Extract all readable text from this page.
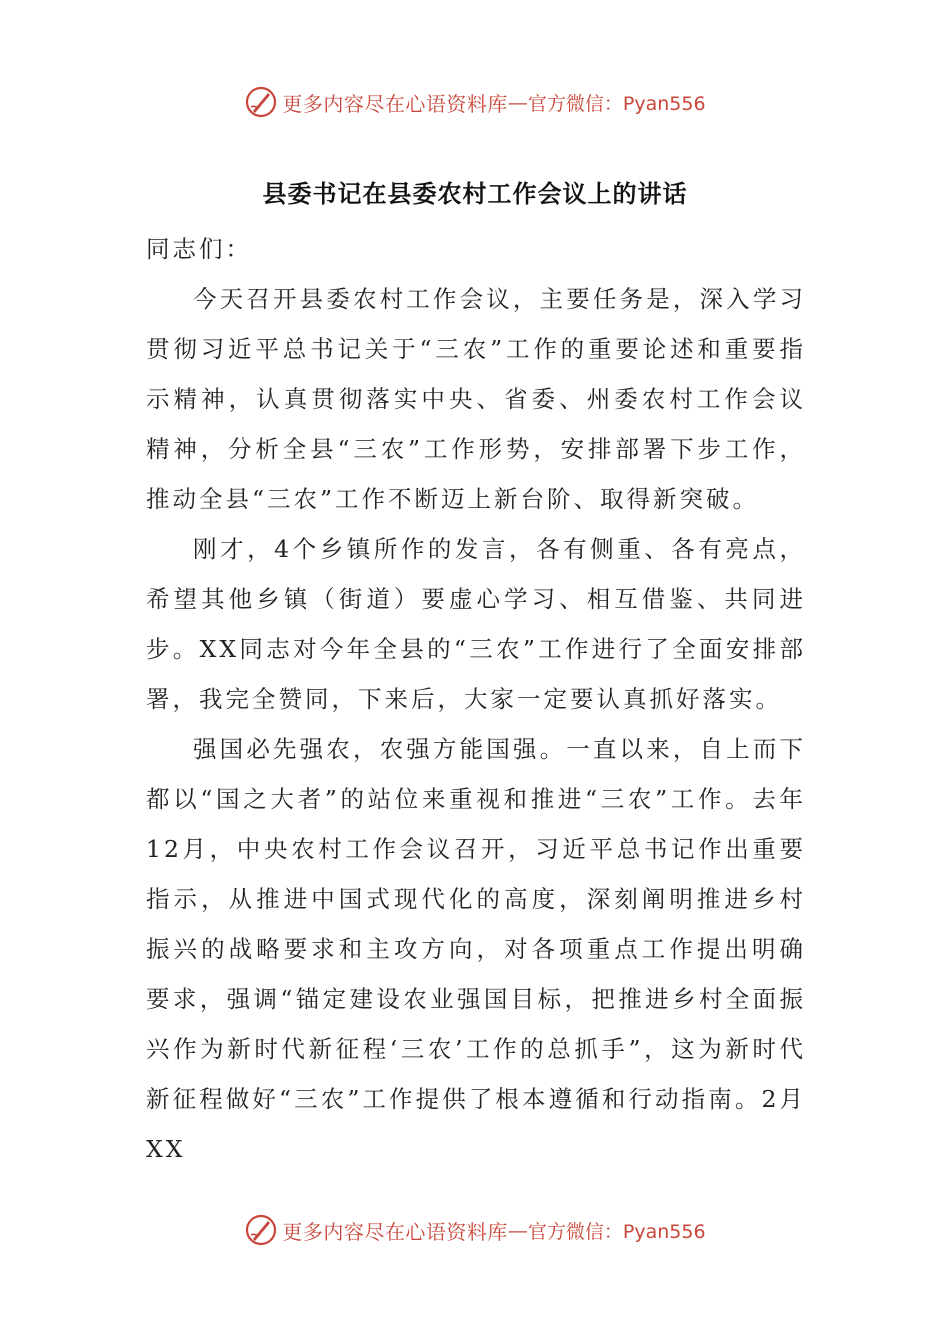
更多内容尽在心语资料库 — 官方微信：Pyan556
县委书记在县委农村工作会议上的讲话

同志们：

今天召开县委农村工作会议，主要任务是，深入学习贯彻习近平总书记关于“三农”工作的重要论述和重要指示精神，认真贯彻落实中央、省委、州委农村工作会议精神，分析全县“三农”工作形势，安排部署下步工作，推动全县“三农”工作不断迈上新台阶、取得新突破。

刚才，4个乡镇所作的发言，各有侧重、各有亮点，希望其他乡镇（街道）要虚心学习、相互借鉴、共同进步。XX同志对今年全县的“三农”工作进行了全面安排部署，我完全赞同，下来后，大家一定要认真抓好落实。

强国必先强农，农强方能国强。一直以来，自上而下都以“国之大者”的站位来重视和推进“三农”工作。去年12月，中央农村工作会议召开，习近平总书记作出重要指示，从推进中国式现代化的高度，深刻阐明推进乡村振兴的战略要求和主攻方向，对各项重点工作提出明确要求，强调“锚定建设农业强国目标，把推进乡村全面振兴作为新时代新征程‘三农’工作的总抓手”，这为新时代新征程做好“三农”工作提供了根本遵循和行动指南。2月XX

更多内容尽在心语资料库 — 官方微信：Pyan556
